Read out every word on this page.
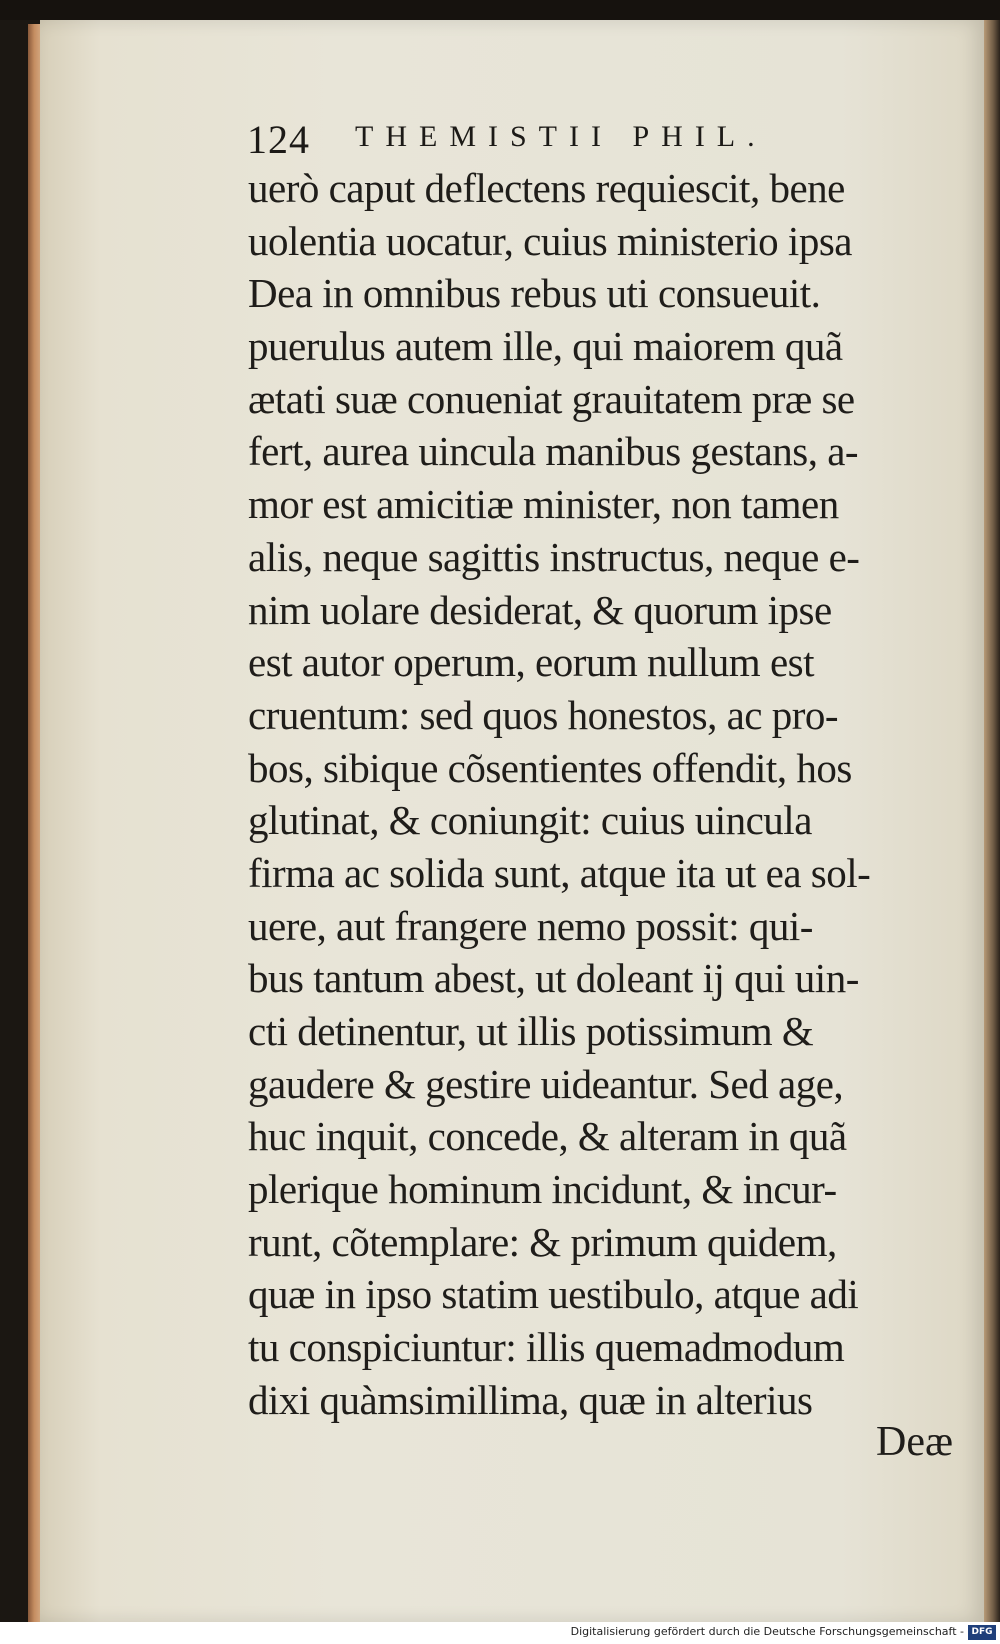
124 THEMISTII PHIL.
uerò caput deflectens requiescit, bene
uolentia uocatur, cuius ministerio ipsa
Dea in omnibus rebus uti consueuit.
puerulus autem ille, qui maiorem quã
ætati suæ conueniat grauitatem præ se
fert, aurea uincula manibus gestans, a-
mor est amicitiæ minister, non tamen
alis, neque sagittis instructus, neque e-
nim uolare desiderat, & quorum ipse
est autor operum, eorum nullum est
cruentum: sed quos honestos, ac pro-
bos, sibique cõsentientes offendit, hos
glutinat, & coniungit: cuius uincula
firma ac solida sunt, atque ita ut ea sol-
uere, aut frangere nemo possit: qui-
bus tantum abest, ut doleant ij qui uin-
cti detinentur, ut illis potissimum &
gaudere & gestire uideantur. Sed age,
huc inquit, concede, & alteram in quã
plerique hominum incidunt, & incur-
runt, cõtemplare: & primum quidem,
quæ in ipso statim uestibulo, atque adi
tu conspiciuntur: illis quemadmodum
dixi quàmsimillima, quæ in alterius
Deæ
Digitalisierung gefördert durch die Deutsche Forschungsgemeinschaft - DFG
